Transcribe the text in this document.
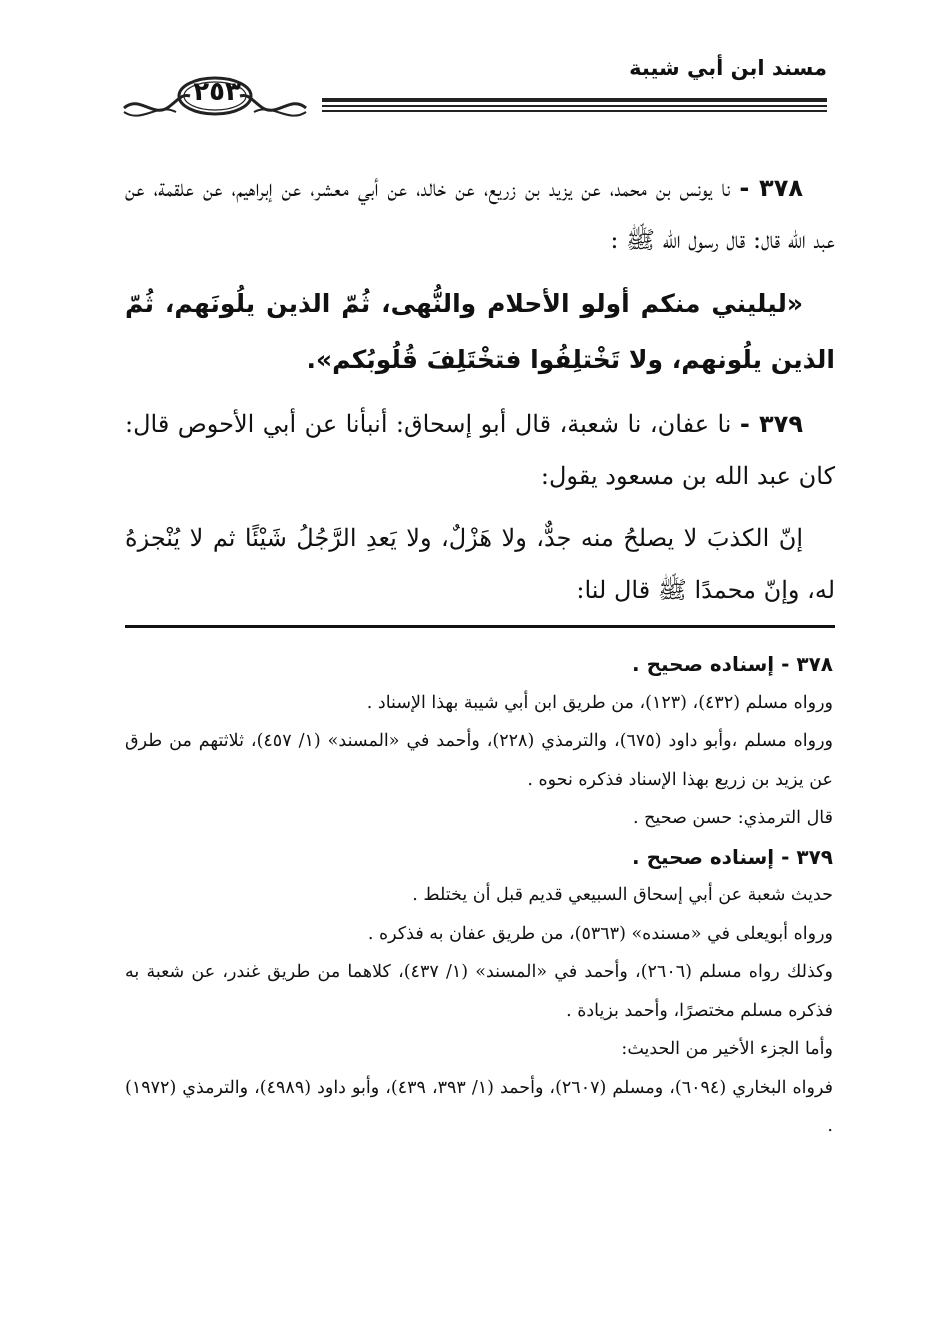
مسند ابن أبي شيبة
٢٥٣

٣٧٨ - نا يونس بن محمد، عن يزيد بن زريع، عن خالد، عن أبي معشر، عن إبراهيم، عن علقمة، عن عبد الله قال: قال رسول الله ﷺ :

«ليليني منكم أولو الأحلام والنُّهى، ثُمّ الذين يلُونَهم، ثُمّ الذين يلُونهم، ولا تَخْتلِفُوا فتخْتَلِفَ قُلُوبُكم».

٣٧٩ - نا عفان، نا شعبة، قال أبو إسحاق: أنبأنا عن أبي الأحوص قال: كان عبد الله بن مسعود يقول:

إنّ الكذبَ لا يصلحُ منه جدٌّ، ولا هَزْلٌ، ولا يَعدِ الرَّجُلُ شَيْئًا ثم لا يُنْجزهُ له، وإنّ محمدًا ﷺ قال لنا:

٣٧٨ - إسناده صحيح .

ورواه مسلم (٤٣٢)، (١٢٣)، من طريق ابن أبي شيبة بهذا الإسناد .

ورواه مسلم ،وأبو داود (٦٧٥)، والترمذي (٢٢٨)، وأحمد في «المسند» (١/ ٤٥٧)، ثلاثتهم من طرق عن يزيد بن زريع بهذا الإسناد فذكره نحوه .

قال الترمذي: حسن صحيح .

٣٧٩ - إسناده صحيح .

حديث شعبة عن أبي إسحاق السبيعي قديم قبل أن يختلط .

ورواه أبويعلى في «مسنده» (٥٣٦٣)، من طريق عفان به فذكره .

وكذلك رواه مسلم (٢٦٠٦)، وأحمد في «المسند» (١/ ٤٣٧)، كلاهما من طريق غندر، عن شعبة به فذكره مسلم مختصرًا، وأحمد بزيادة .

وأما الجزء الأخير من الحديث:

فرواه البخاري (٦٠٩٤)، ومسلم (٢٦٠٧)، وأحمد (١/ ٣٩٣، ٤٣٩)، وأبو داود (٤٩٨٩)، والترمذي (١٩٧٢) .
